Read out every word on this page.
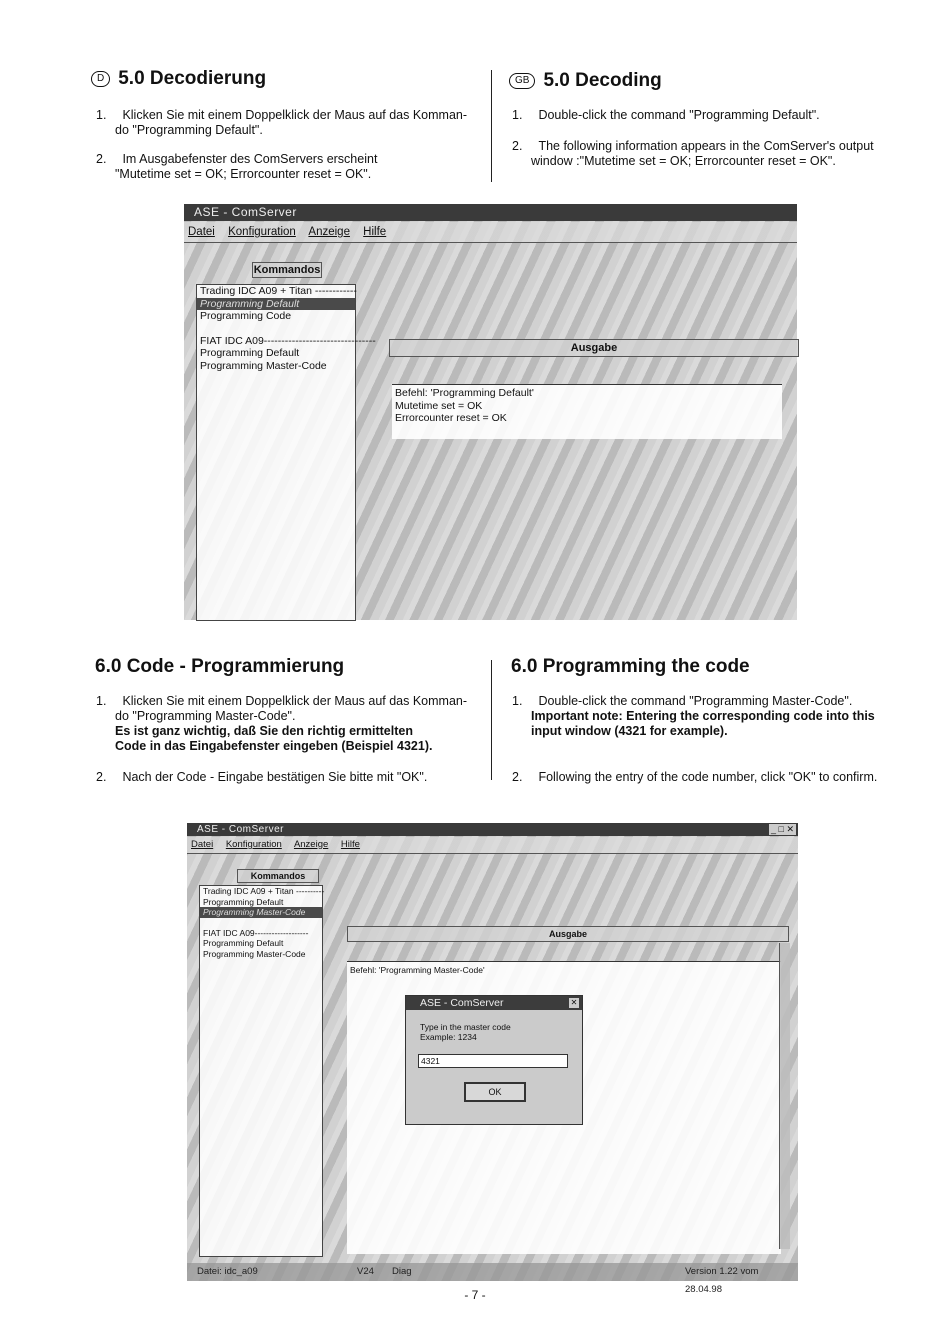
D 5.0 Decodierung
1. Klicken Sie mit einem Doppelklick der Maus auf das Komman-
do "Programming Default".
2. Im Ausgabefenster des ComServers erscheint
"Mutetime set = OK; Errorcounter reset = OK".
GB 5.0 Decoding
1. Double-click the command "Programming Default".
2. The following information appears in the ComServer's output
window :"Mutetime set = OK; Errorcounter reset = OK".
ASE - ComServer
Datei Konfiguration Anzeige Hilfe
Kommandos
Trading IDC A09 + Titan ------------
Programming Default
Programming Code
FIAT IDC A09--------------------------------
Programming Default
Programming Master-Code
Ausgabe
Befehl: 'Programming Default'
Mutetime set = OK
Errorcounter reset = OK
6.0 Code - Programmierung
1. Klicken Sie mit einem Doppelklick der Maus auf das Komman-
do "Programming Master-Code".
Es ist ganz wichtig, daß Sie den richtig ermittelten
Code in das Eingabefenster eingeben (Beispiel 4321).
2. Nach der Code - Eingabe bestätigen Sie bitte mit "OK".
6.0 Programming the code
1. Double-click the command "Programming Master-Code".
Important note: Entering the corresponding code into this
input window (4321 for example).
2. Following the entry of the code number, click "OK" to confirm.
ASE - ComServer	_ □ ✕
Datei Konfiguration Anzeige Hilfe
Kommandos
Trading IDC A09 + Titan ----------
Programming Default
Programming Master-Code
FIAT IDC A09-------------------
Programming Default
Programming Master-Code
Ausgabe
Befehl: 'Programming Master-Code'
ASE - ComServer	✕
Type in the master code
Example: 1234
4321
OK
Datei: idc_a09	V24 Diag	Version 1.22 vom 28.04.98
- 7 -
